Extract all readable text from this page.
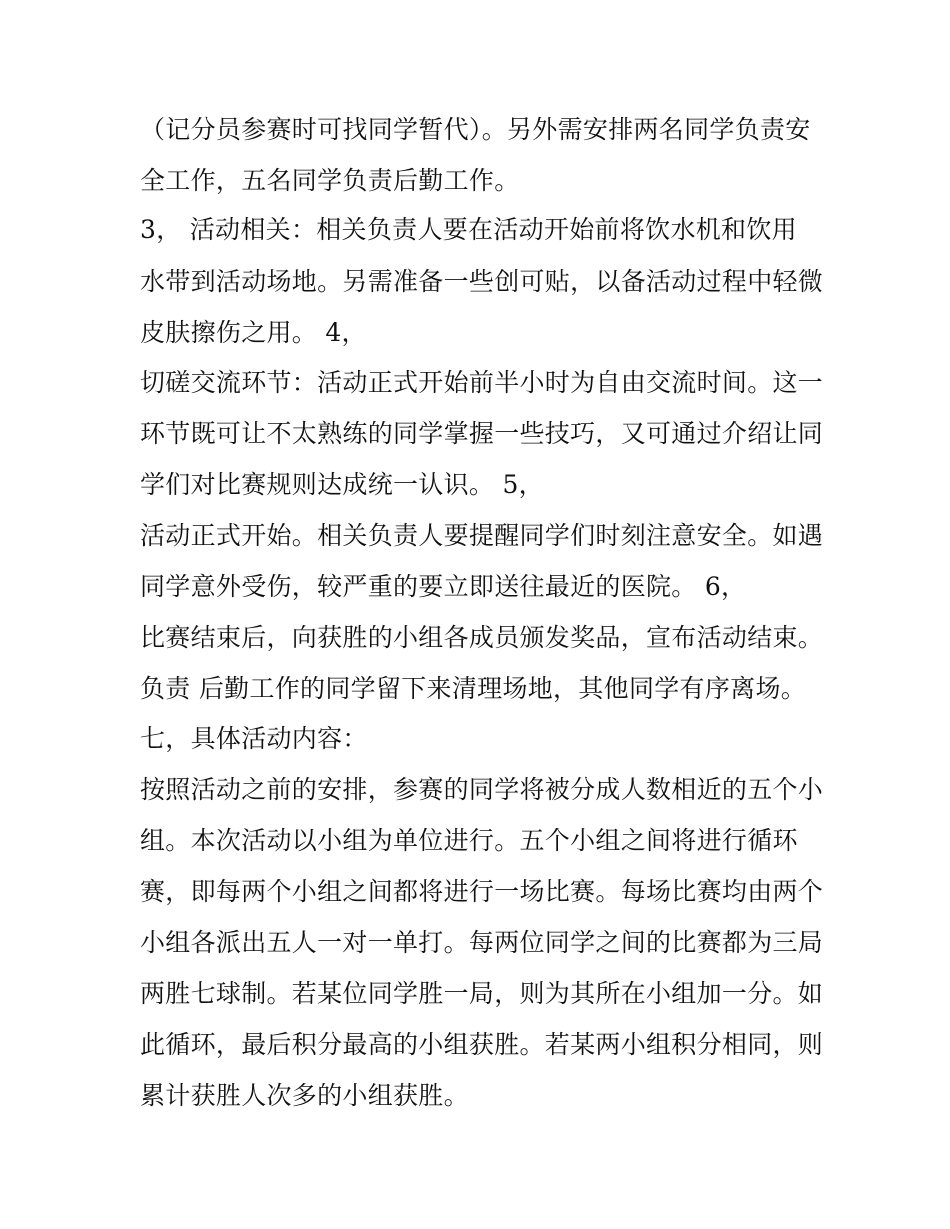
（记分员参赛时可找同学暂代）。另外需安排两名同学负责安
全工作，五名同学负责后勤工作。
3， 活动相关：相关负责人要在活动开始前将饮水机和饮用
水带到活动场地。另需准备一些创可贴，以备活动过程中轻微
皮肤擦伤之用。 4，
切磋交流环节：活动正式开始前半小时为自由交流时间。这一
环节既可让不太熟练的同学掌握一些技巧，又可通过介绍让同
学们对比赛规则达成统一认识。 5，
活动正式开始。相关负责人要提醒同学们时刻注意安全。如遇
同学意外受伤，较严重的要立即送往最近的医院。 6，
比赛结束后，向获胜的小组各成员颁发奖品，宣布活动结束。
负责 后勤工作的同学留下来清理场地，其他同学有序离场。
七，具体活动内容：
按照活动之前的安排，参赛的同学将被分成人数相近的五个小
组。本次活动以小组为单位进行。五个小组之间将进行循环
赛，即每两个小组之间都将进行一场比赛。每场比赛均由两个
小组各派出五人一对一单打。每两位同学之间的比赛都为三局
两胜七球制。若某位同学胜一局，则为其所在小组加一分。如
此循环，最后积分最高的小组获胜。若某两小组积分相同，则
累计获胜人次多的小组获胜。
